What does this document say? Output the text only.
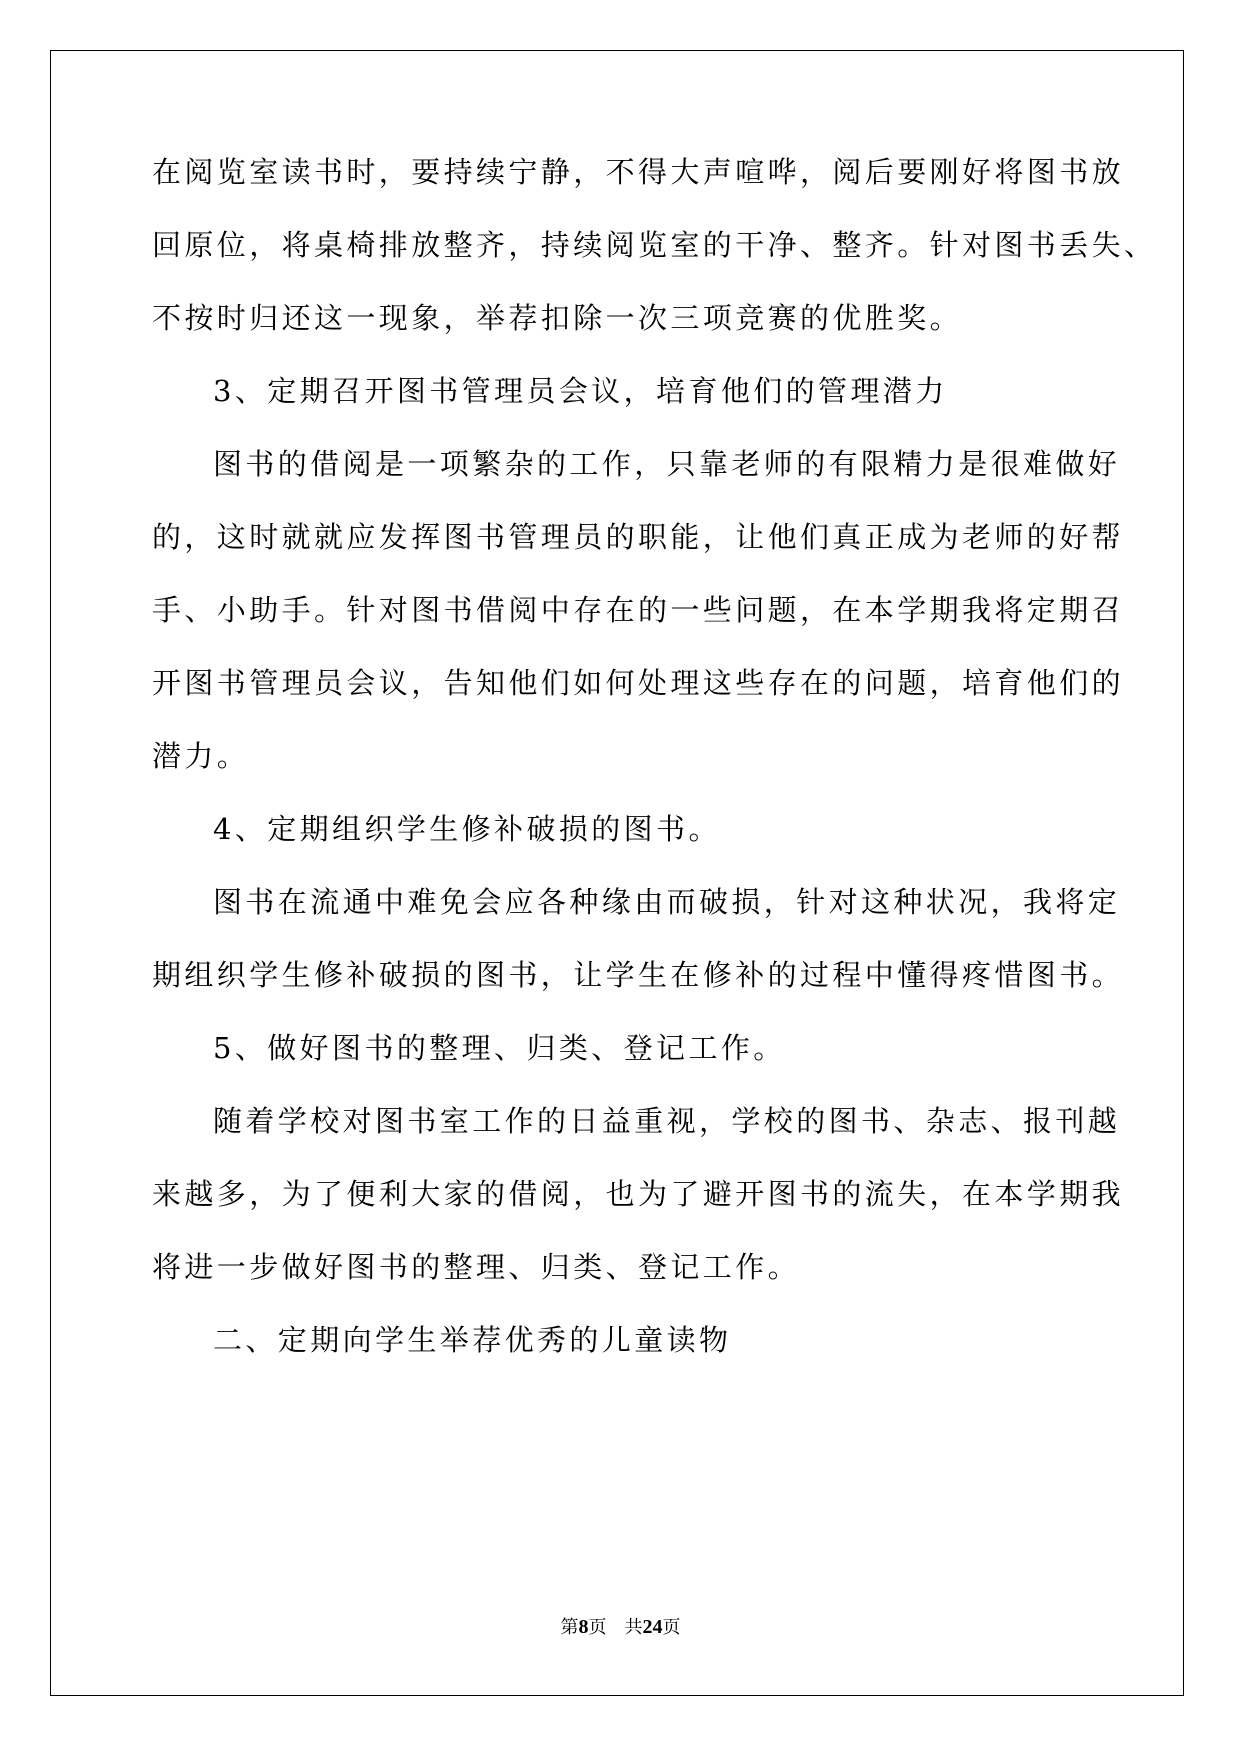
在阅览室读书时，要持续宁静，不得大声喧哗，阅后要刚好将图书放
回原位，将桌椅排放整齐，持续阅览室的干净、整齐。针对图书丢失、
不按时归还这一现象，举荐扣除一次三项竞赛的优胜奖。
3、定期召开图书管理员会议，培育他们的管理潜力
图书的借阅是一项繁杂的工作，只靠老师的有限精力是很难做好
的，这时就就应发挥图书管理员的职能，让他们真正成为老师的好帮
手、小助手。针对图书借阅中存在的一些问题，在本学期我将定期召
开图书管理员会议，告知他们如何处理这些存在的问题，培育他们的
潜力。
4、定期组织学生修补破损的图书。
图书在流通中难免会应各种缘由而破损，针对这种状况，我将定
期组织学生修补破损的图书，让学生在修补的过程中懂得疼惜图书。
5、做好图书的整理、归类、登记工作。
随着学校对图书室工作的日益重视，学校的图书、杂志、报刊越
来越多，为了便利大家的借阅，也为了避开图书的流失，在本学期我
将进一步做好图书的整理、归类、登记工作。
二、定期向学生举荐优秀的儿童读物
第8页　共24页
